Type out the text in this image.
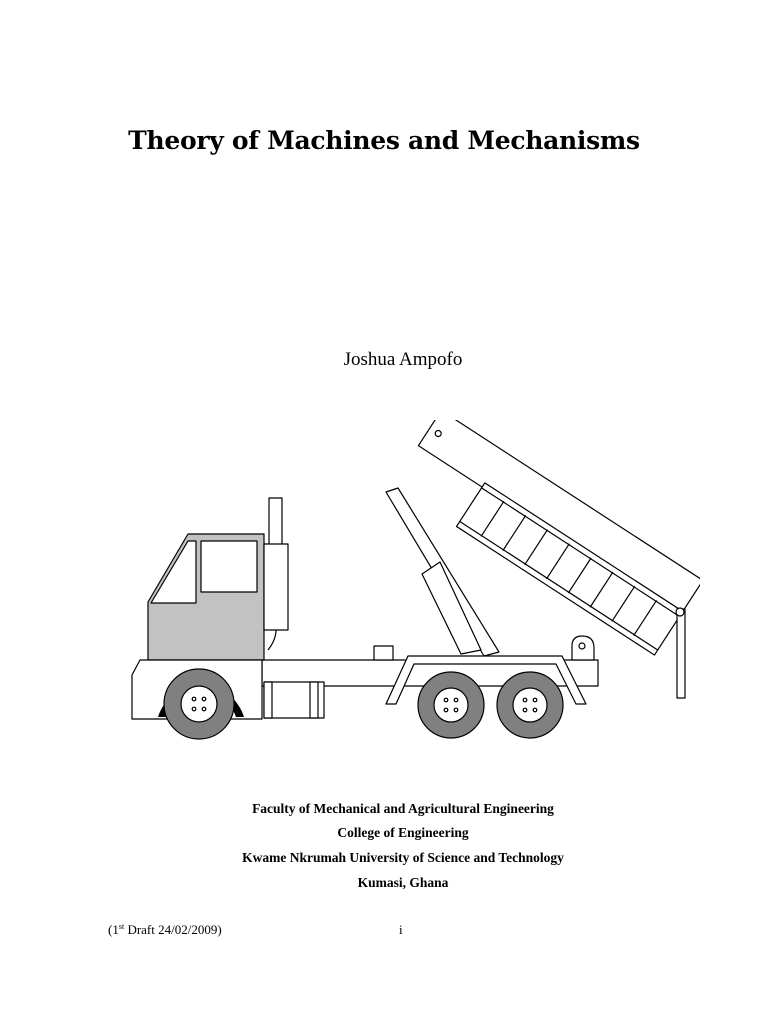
Theory of Machines and Mechanisms
Joshua Ampofo
Faculty of Mechanical and Agricultural Engineering
College of Engineering
Kwame Nkrumah University of Science and Technology
Kumasi, Ghana
(1st Draft 24/02/2009)	i
